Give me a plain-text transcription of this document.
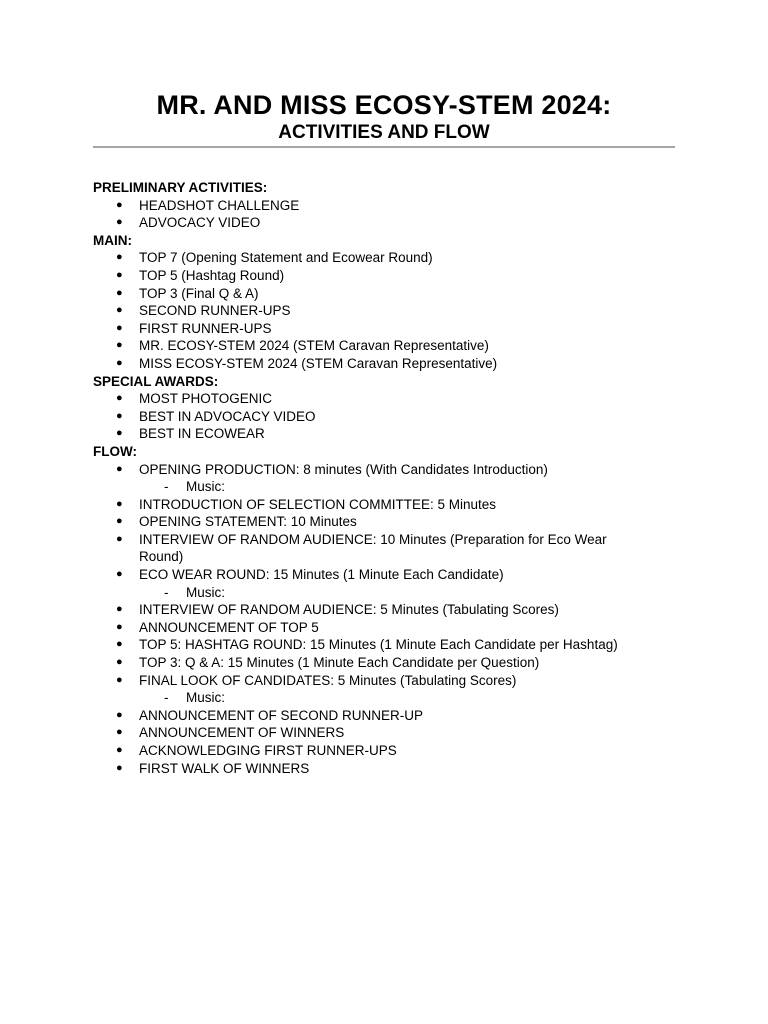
MR. AND MISS ECOSY-STEM 2024:
ACTIVITIES AND FLOW
PRELIMINARY ACTIVITIES:
● HEADSHOT CHALLENGE
● ADVOCACY VIDEO
MAIN:
● TOP 7 (Opening Statement and Ecowear Round)
● TOP 5 (Hashtag Round)
● TOP 3 (Final Q & A)
● SECOND RUNNER-UPS
● FIRST RUNNER-UPS
● MR. ECOSY-STEM 2024 (STEM Caravan Representative)
● MISS ECOSY-STEM 2024 (STEM Caravan Representative)
SPECIAL AWARDS:
● MOST PHOTOGENIC
● BEST IN ADVOCACY VIDEO
● BEST IN ECOWEAR
FLOW:
● OPENING PRODUCTION: 8 minutes (With Candidates Introduction)
- Music:
● INTRODUCTION OF SELECTION COMMITTEE: 5 Minutes
● OPENING STATEMENT: 10 Minutes
● INTERVIEW OF RANDOM AUDIENCE: 10 Minutes (Preparation for Eco Wear Round)
● ECO WEAR ROUND: 15 Minutes (1 Minute Each Candidate)
- Music:
● INTERVIEW OF RANDOM AUDIENCE: 5 Minutes (Tabulating Scores)
● ANNOUNCEMENT OF TOP 5
● TOP 5: HASHTAG ROUND: 15 Minutes (1 Minute Each Candidate per Hashtag)
● TOP 3: Q & A: 15 Minutes (1 Minute Each Candidate per Question)
● FINAL LOOK OF CANDIDATES: 5 Minutes (Tabulating Scores)
- Music:
● ANNOUNCEMENT OF SECOND RUNNER-UP
● ANNOUNCEMENT OF WINNERS
● ACKNOWLEDGING FIRST RUNNER-UPS
● FIRST WALK OF WINNERS
